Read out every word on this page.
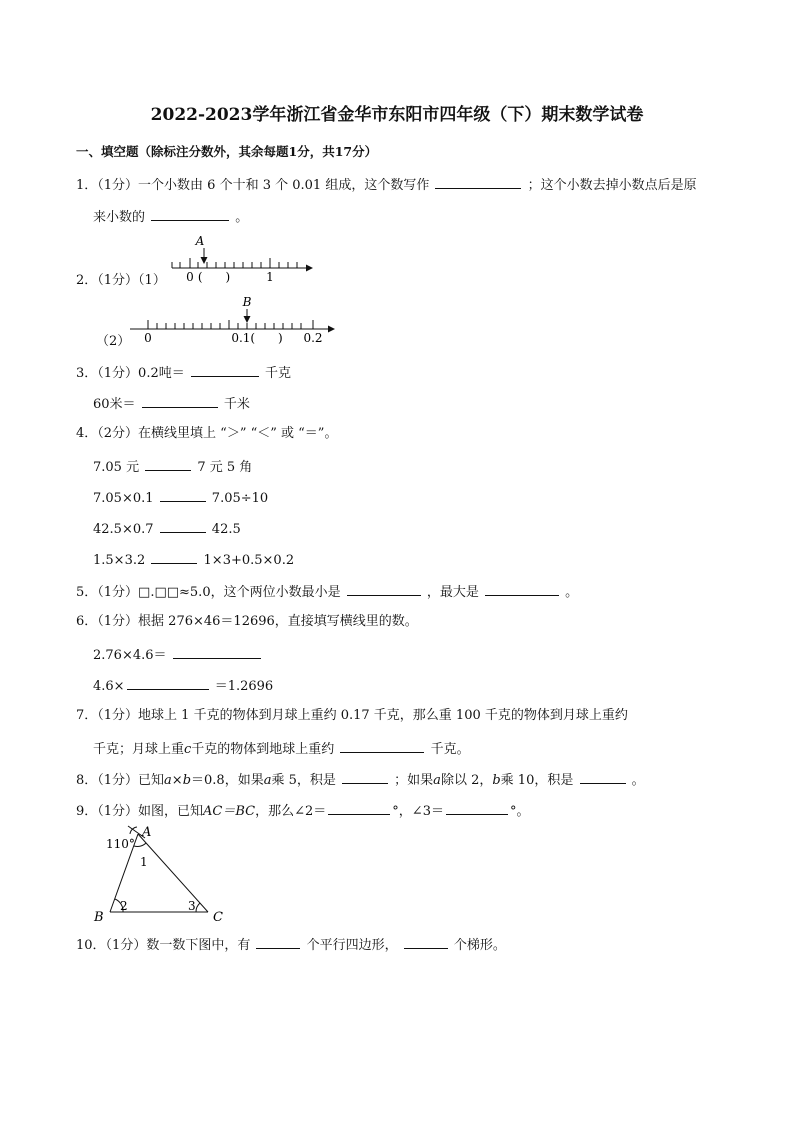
2022-2023学年浙江省金华市东阳市四年级（下）期末数学试卷
一、填空题（除标注分数外，其余每题1分，共17分）
1．（1分）一个小数由 6 个十和 3 个 0.01 组成，这个数写作	；这个小数去掉小数点后是原
来小数的	。
2．（1分）（1）
（2）
A
0 (      )	1
B
0	0.1(      ) 0.2
3．（1分）0.2吨＝	千克
60米＝	千米
4．（2分）在横线里填上 “＞” “＜” 或 “＝”。
7.05 元	7 元 5 角
7.05×0.1	7.05÷10
42.5×0.7	42.5
1.5×3.2	1×3+0.5×0.2
5．（1分）□.□□≈5.0，这个两位小数最小是	，最大是	。
6．（1分）根据 276×46＝12696，直接填写横线里的数。
2.76×4.6＝
4.6×	＝1.2696
7．（1分）地球上 1 千克的物体到月球上重约 0.17 千克，那么重 100 千克的物体到月球上重约
千克；月球上重c千克的物体到地球上重约	千克。
8．（1分）已知a×b＝0.8，如果a乘 5，积是	；如果a除以 2，b乘 10，积是	。
9．（1分）如图，已知AC＝BC，那么∠2＝	°，∠3＝	°。
A
B	C
110°
1
2	3
10．（1分）数一数下图中，有	个平行四边形，	个梯形。
